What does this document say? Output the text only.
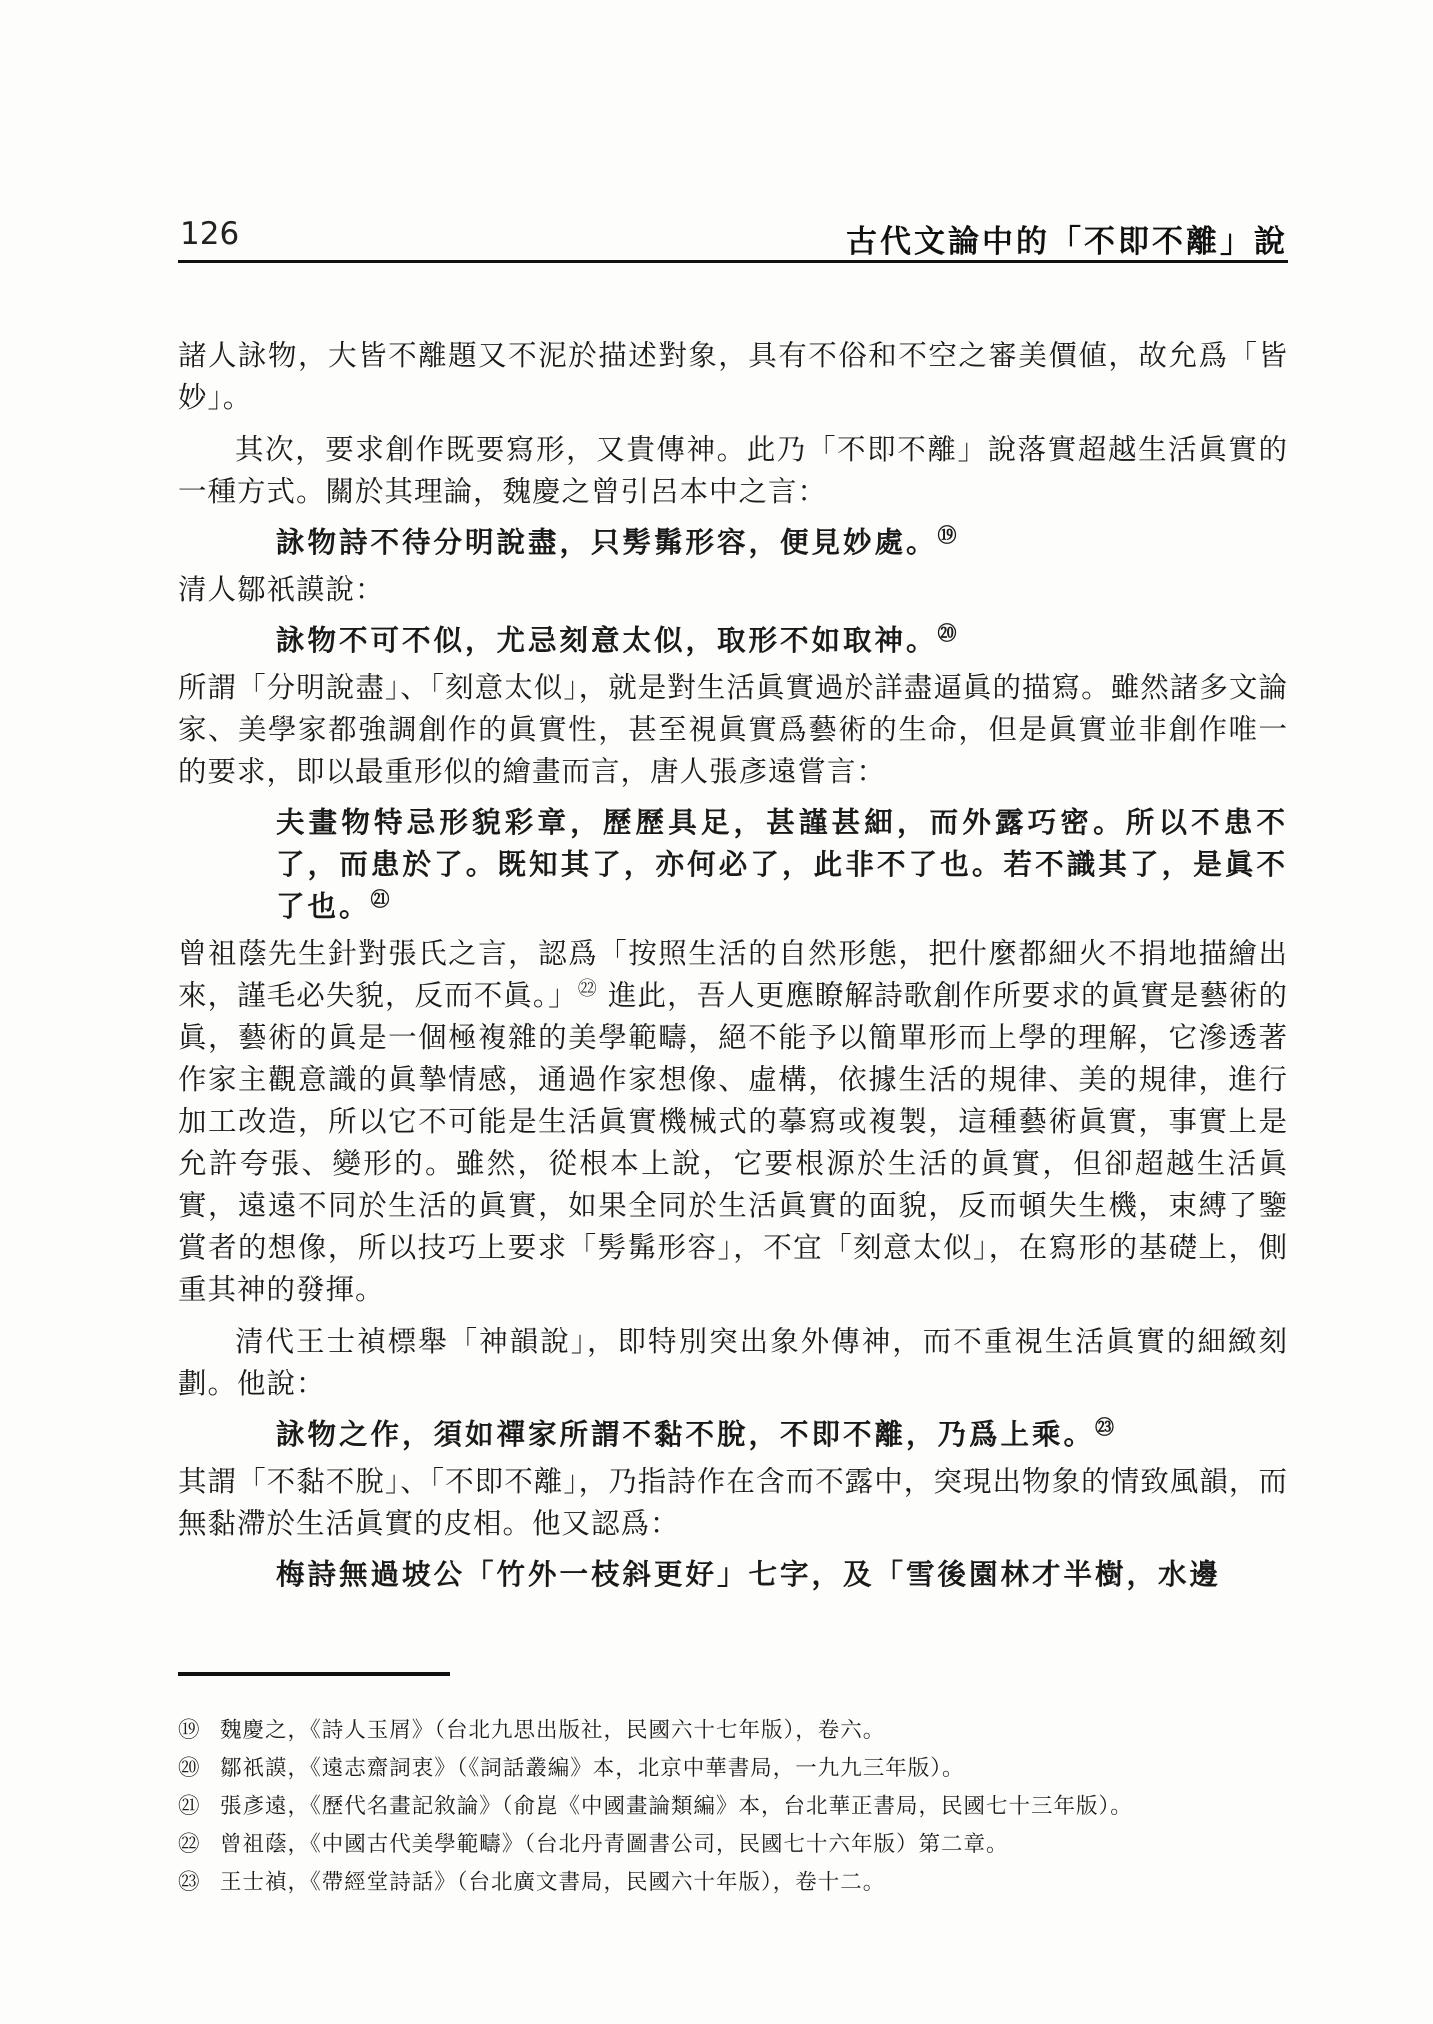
126	古代文論中的「不即不離」說

諸人詠物，大皆不離題又不泥於描述對象，具有不俗和不空之審美價値，故允爲「皆妙」。

其次，要求創作既要寫形，又貴傳神。此乃「不即不離」說落實超越生活眞實的一種方式。關於其理論，魏慶之曾引呂本中之言：

詠物詩不待分明說盡，只髣髴形容，便見妙處。⑲

清人鄒祇謨說：

詠物不可不似，尤忌刻意太似，取形不如取神。⑳

所謂「分明說盡」、「刻意太似」，就是對生活眞實過於詳盡逼眞的描寫。雖然諸多文論家、美學家都強調創作的眞實性，甚至視眞實爲藝術的生命，但是眞實並非創作唯一的要求，即以最重形似的繪畫而言，唐人張彥遠嘗言：

夫畫物特忌形貌彩章，歷歷具足，甚謹甚細，而外露巧密。所以不患不了，而患於了。既知其了，亦何必了，此非不了也。若不識其了，是眞不了也。$^㉑$

曾祖蔭先生針對張氏之言，認爲「按照生活的自然形態，把什麼都細火不捐地描繪出來，謹毛必失貌，反而不眞。」$^㉒$ 進此，吾人更應瞭解詩歌創作所要求的眞實是藝術的眞，藝術的眞是一個極複雜的美學範疇，絕不能予以簡單形而上學的理解，它滲透著作家主觀意識的眞摯情感，通過作家想像、虛構，依據生活的規律、美的規律，進行加工改造，所以它不可能是生活眞實機械式的摹寫或複製，這種藝術眞實，事實上是允許夸張、變形的。雖然，從根本上說，它要根源於生活的眞實，但卻超越生活眞實，遠遠不同於生活的眞實，如果全同於生活眞實的面貌，反而頓失生機，束縛了鑒賞者的想像，所以技巧上要求「髣髴形容」，不宜「刻意太似」，在寫形的基礎上，側重其神的發揮。

清代王士禎標舉「神韻說」，即特別突出象外傳神，而不重視生活眞實的細緻刻劃。他說：

詠物之作，須如禪家所謂不黏不脫，不即不離，乃爲上乘。$^㉓$

其謂「不黏不脫」、「不即不離」，乃指詩作在含而不露中，突現出物象的情致風韻，而無黏滯於生活眞實的皮相。他又認爲：

梅詩無過坡公「竹外一枝斜更好」七字，及「雪後園林才半樹，水邊

⑲ 魏慶之，《詩人玉屑》（台北九思出版社，民國六十七年版），卷六。

⑳ 鄒祇謨，《遠志齋詞衷》（《詞話叢編》本，北京中華書局，一九九三年版）。

㉑ 張彥遠，《歷代名畫記敘論》（俞崑《中國畫論類編》本，台北華正書局，民國七十三年版）。

㉒ 曾祖蔭，《中國古代美學範疇》（台北丹青圖書公司，民國七十六年版）第二章。

㉓ 王士禎，《帶經堂詩話》（台北廣文書局，民國六十年版），卷十二。
